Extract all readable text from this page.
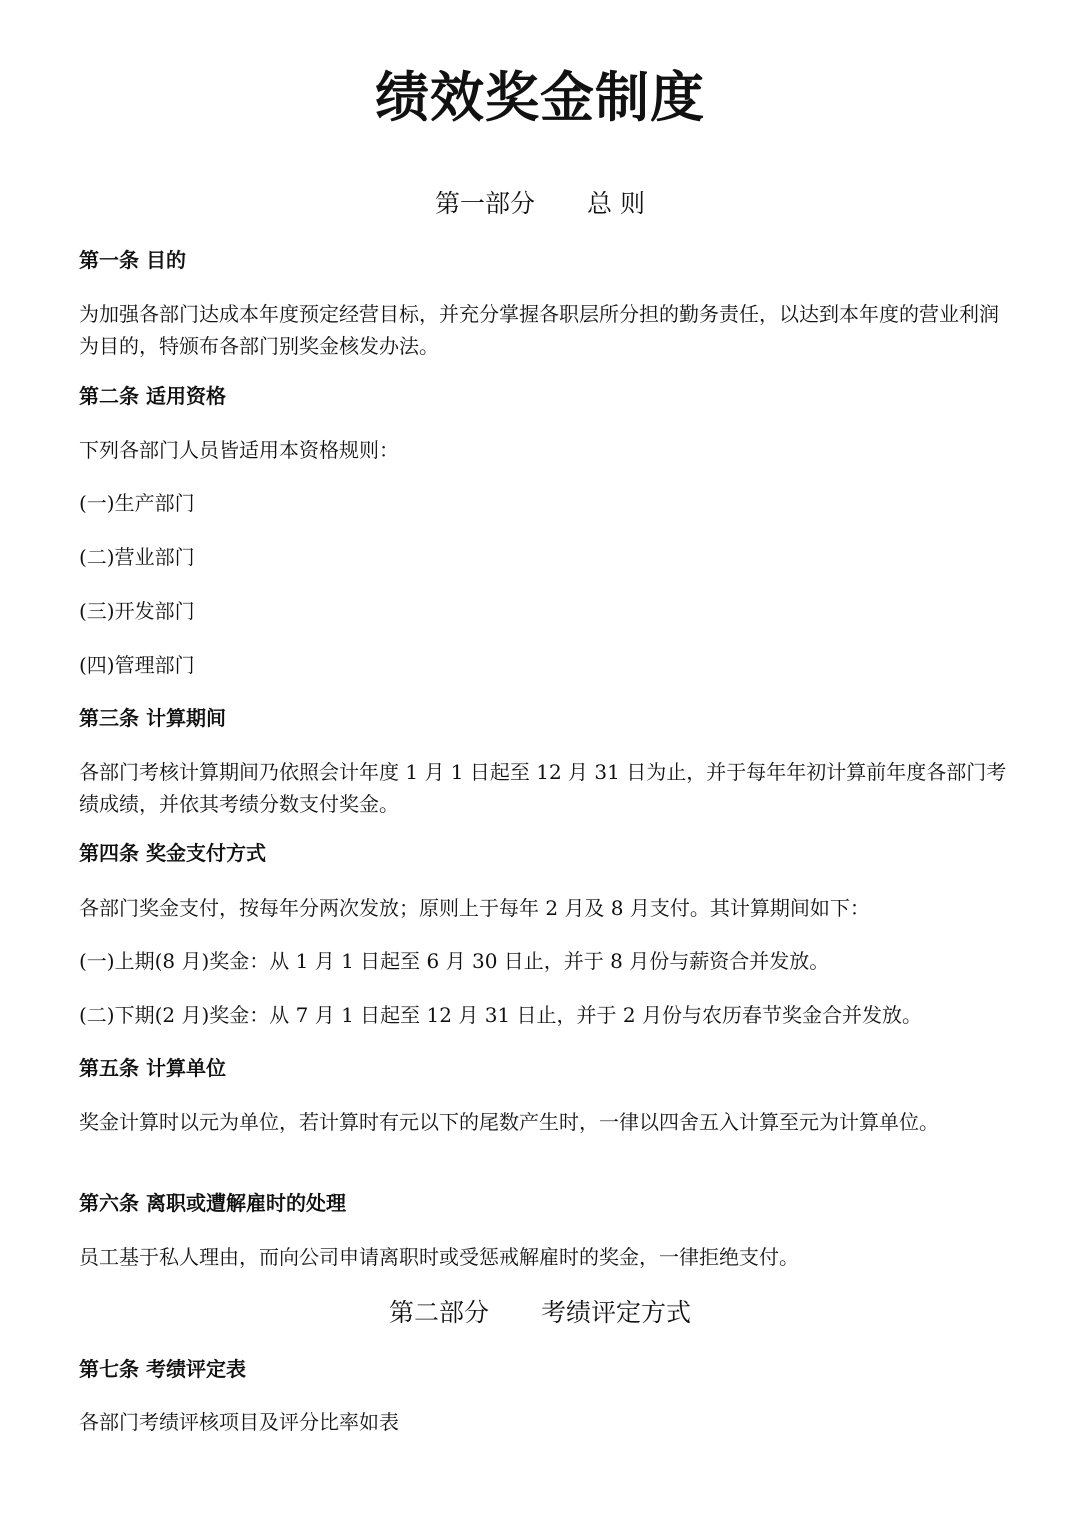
绩效奖金制度
第一部分 总 则

第一条 目的

为加强各部门达成本年度预定经营目标，并充分掌握各职层所分担的勤务责任，以达到本年度的营业利润为目的，特颁布各部门别奖金核发办法。

第二条 适用资格

下列各部门人员皆适用本资格规则：

(一)生产部门

(二)营业部门

(三)开发部门

(四)管理部门

第三条 计算期间

各部门考核计算期间乃依照会计年度 1 月 1 日起至 12 月 31 日为止，并于每年年初计算前年度各部门考绩成绩，并依其考绩分数支付奖金。

第四条 奖金支付方式

各部门奖金支付，按每年分两次发放；原则上于每年 2 月及 8 月支付。其计算期间如下：

(一)上期(8 月)奖金：从 1 月 1 日起至 6 月 30 日止，并于 8 月份与薪资合并发放。

(二)下期(2 月)奖金：从 7 月 1 日起至 12 月 31 日止，并于 2 月份与农历春节奖金合并发放。

第五条 计算单位

奖金计算时以元为单位，若计算时有元以下的尾数产生时，一律以四舍五入计算至元为计算单位。

第六条 离职或遭解雇时的处理

员工基于私人理由，而向公司申请离职时或受惩戒解雇时的奖金，一律拒绝支付。

第二部分 考绩评定方式

第七条 考绩评定表

各部门考绩评核项目及评分比率如表
